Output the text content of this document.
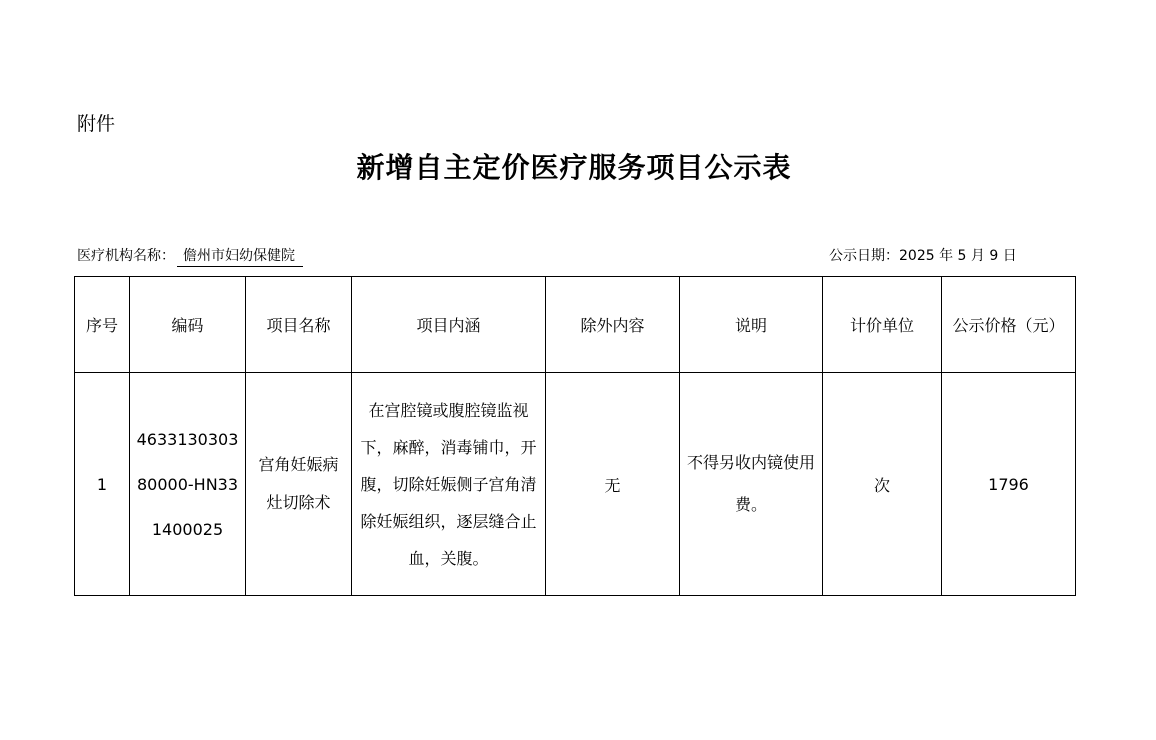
附件
新增自主定价医疗服务项目公示表
医疗机构名称： 儋州市妇幼保健院	公示日期：2025 年 5 月 9 日
序号	编码	项目名称	项目内涵	除外内容	说明	计价单位	公示价格（元）
1	463313030380000-HN331400025	宫角妊娠病灶切除术	在宫腔镜或腹腔镜监视下，麻醉，消毒铺巾，开腹，切除妊娠侧子宫角清除妊娠组织，逐层缝合止血，关腹。	无	不得另收内镜使用费。	次	1796
